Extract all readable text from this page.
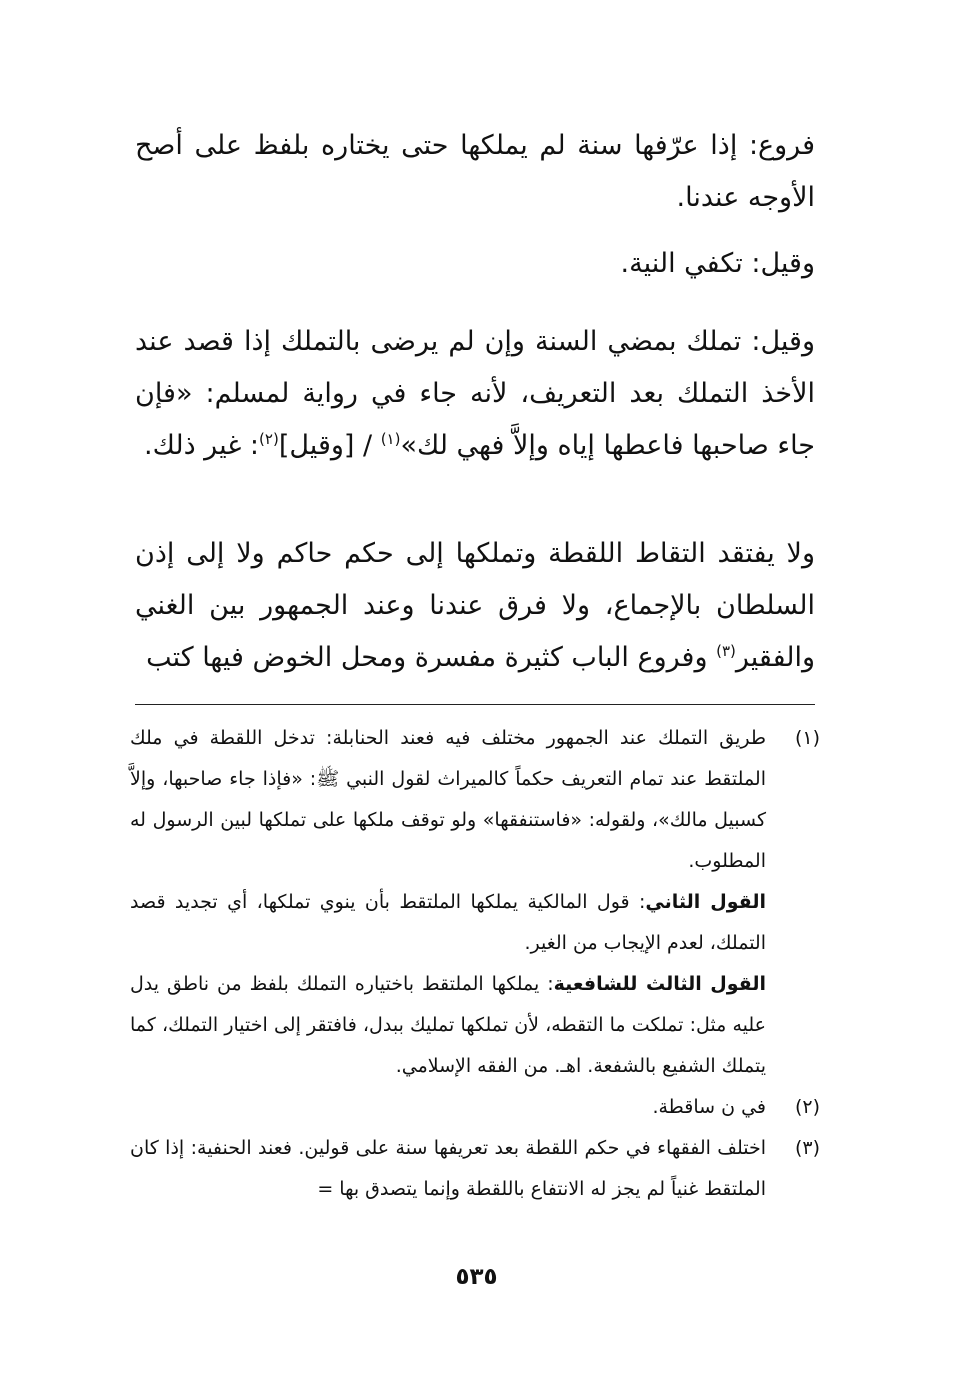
فروع: إذا عرّفها سنة لم يملكها حتى يختاره بلفظ على أصح الأوجه عندنا.

وقيل: تكفي النية.

وقيل: تملك بمضي السنة وإن لم يرضى بالتملك إذا قصد عند الأخذ التملك بعد التعريف، لأنه جاء في رواية لمسلم: «فإن جاء صاحبها فاعطها إياه وإلاَّ فهي لك»$^{(١)}$ / [وقيل]$^{(٢)}$: غير ذلك.

ولا يفتقد التقاط اللقطة وتملكها إلى حكم حاكم ولا إلى إذن السلطان بالإجماع، ولا فرق عندنا وعند الجمهور بين الغني والفقير$^{(٣)}$ وفروع الباب كثيرة مفسرة ومحل الخوض فيها كتب

(١)

طريق التملك عند الجمهور مختلف فيه فعند الحنابلة: تدخل اللقطة في ملك الملتقط عند تمام التعريف حكماً كالميراث لقول النبي ﷺ: «فإذا جاء صاحبها، وإلاَّ كسبيل مالك»، ولقوله: «فاستنفقها» ولو توقف ملكها على تملكها لبين الرسول له المطلوب.

القول الثاني: قول المالكية يملكها الملتقط بأن ينوي تملكها، أي تجديد قصد التملك، لعدم الإيجاب من الغير.

القول الثالث للشافعية: يملكها الملتقط باختياره التملك بلفظ من ناطق يدل عليه مثل: تملكت ما التقطه، لأن تملكها تمليك ببدل، فافتقر إلى اختيار التملك، كما يتملك الشفيع بالشفعة. اهـ. من الفقه الإسلامي.

(٢)

في ن ساقطة.

(٣)

اختلف الفقهاء في حكم اللقطة بعد تعريفها سنة على قولين. فعند الحنفية: إذا كان الملتقط غنياً لم يجز له الانتفاع باللقطة وإنما يتصدق بها =

٥٣٥
